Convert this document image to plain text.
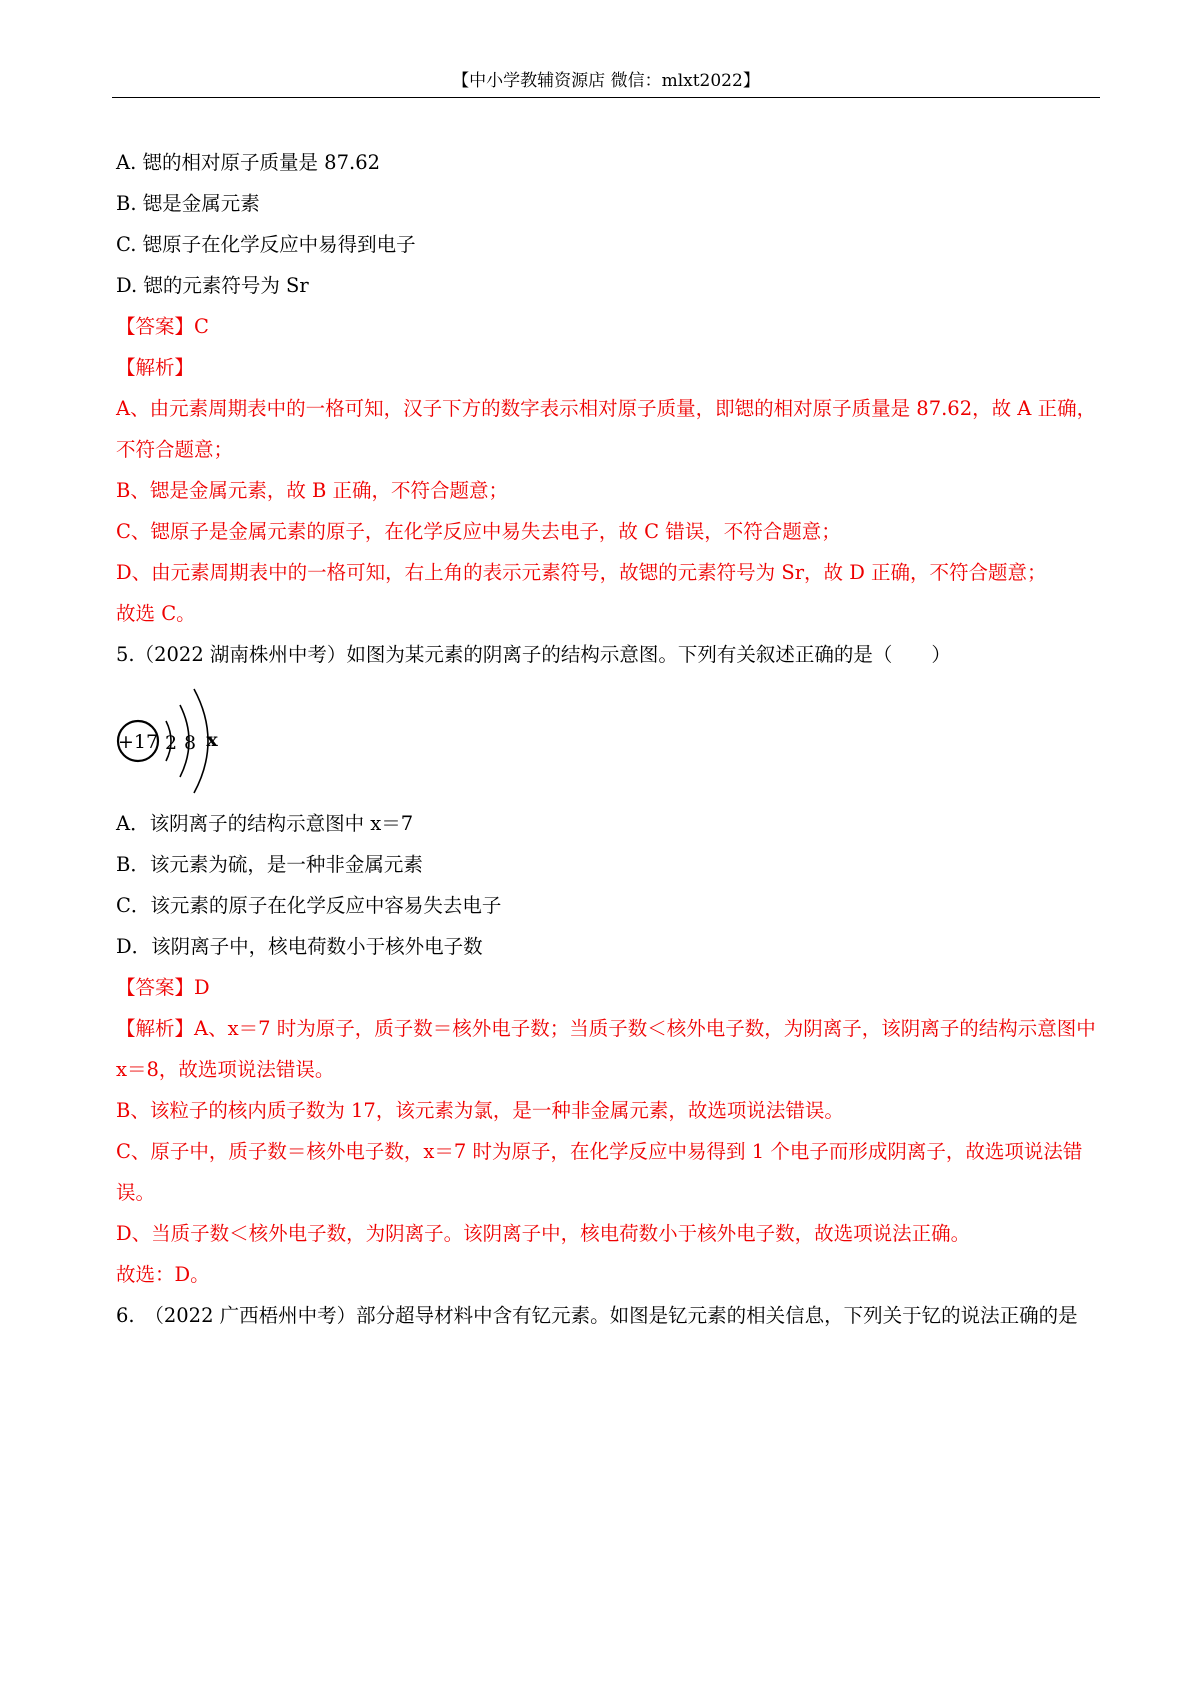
【中小学教辅资源店 微信：mlxt2022】
A. 锶的相对原子质量是 87.62
B. 锶是金属元素
C. 锶原子在化学反应中易得到电子
D. 锶的元素符号为 Sr
【答案】C
【解析】
A、由元素周期表中的一格可知，汉子下方的数字表示相对原子质量，即锶的相对原子质量是 87.62，故 A 正确，不符合题意；
B、锶是金属元素，故 B 正确，不符合题意；
C、锶原子是金属元素的原子，在化学反应中易失去电子，故 C 错误，不符合题意；
D、由元素周期表中的一格可知，右上角的表示元素符号，故锶的元素符号为 Sr，故 D 正确，不符合题意；
故选 C。
5.（2022 湖南株州中考）如图为某元素的阴离子的结构示意图。下列有关叙述正确的是（　　）
+17 2 8 x
A．该阴离子的结构示意图中 x＝7
B．该元素为硫，是一种非金属元素
C．该元素的原子在化学反应中容易失去电子
D．该阴离子中，核电荷数小于核外电子数
【答案】D
【解析】A、x＝7 时为原子，质子数＝核外电子数；当质子数＜核外电子数，为阴离子，该阴离子的结构示意图中 x＝8，故选项说法错误。
B、该粒子的核内质子数为 17，该元素为氯，是一种非金属元素，故选项说法错误。
C、原子中，质子数＝核外电子数，x＝7 时为原子，在化学反应中易得到 1 个电子而形成阴离子，故选项说法错误。
D、当质子数＜核外电子数，为阴离子。该阴离子中，核电荷数小于核外电子数，故选项说法正确。
故选：D。
6.　（2022 广西梧州中考）部分超导材料中含有钇元素。如图是钇元素的相关信息，下列关于钇的说法正确的是
